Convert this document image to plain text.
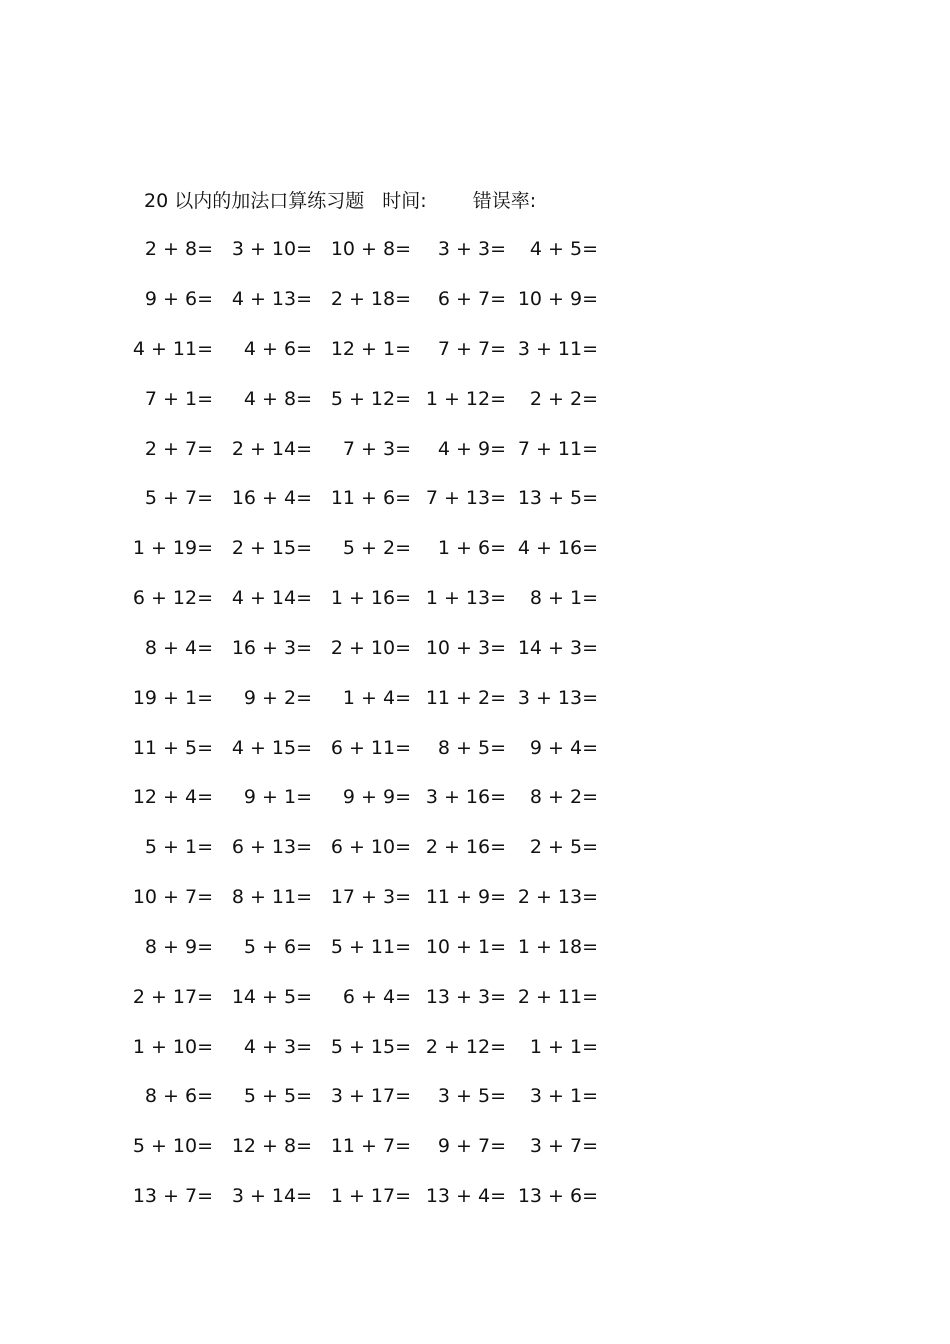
20 以内的加法口算练习题 时间: 错误率:
2 + 8= 3 + 10= 10 + 8= 3 + 3= 4 + 5=
9 + 6= 4 + 13= 2 + 18= 6 + 7= 10 + 9=
4 + 11= 4 + 6= 12 + 1= 7 + 7= 3 + 11=
7 + 1= 4 + 8= 5 + 12= 1 + 12= 2 + 2=
2 + 7= 2 + 14= 7 + 3= 4 + 9= 7 + 11=
5 + 7= 16 + 4= 11 + 6= 7 + 13= 13 + 5=
1 + 19= 2 + 15= 5 + 2= 1 + 6= 4 + 16=
6 + 12= 4 + 14= 1 + 16= 1 + 13= 8 + 1=
8 + 4= 16 + 3= 2 + 10= 10 + 3= 14 + 3=
19 + 1= 9 + 2= 1 + 4= 11 + 2= 3 + 13=
11 + 5= 4 + 15= 6 + 11= 8 + 5= 9 + 4=
12 + 4= 9 + 1= 9 + 9= 3 + 16= 8 + 2=
5 + 1= 6 + 13= 6 + 10= 2 + 16= 2 + 5=
10 + 7= 8 + 11= 17 + 3= 11 + 9= 2 + 13=
8 + 9= 5 + 6= 5 + 11= 10 + 1= 1 + 18=
2 + 17= 14 + 5= 6 + 4= 13 + 3= 2 + 11=
1 + 10= 4 + 3= 5 + 15= 2 + 12= 1 + 1=
8 + 6= 5 + 5= 3 + 17= 3 + 5= 3 + 1=
5 + 10= 12 + 8= 11 + 7= 9 + 7= 3 + 7=
13 + 7= 3 + 14= 1 + 17= 13 + 4= 13 + 6=
